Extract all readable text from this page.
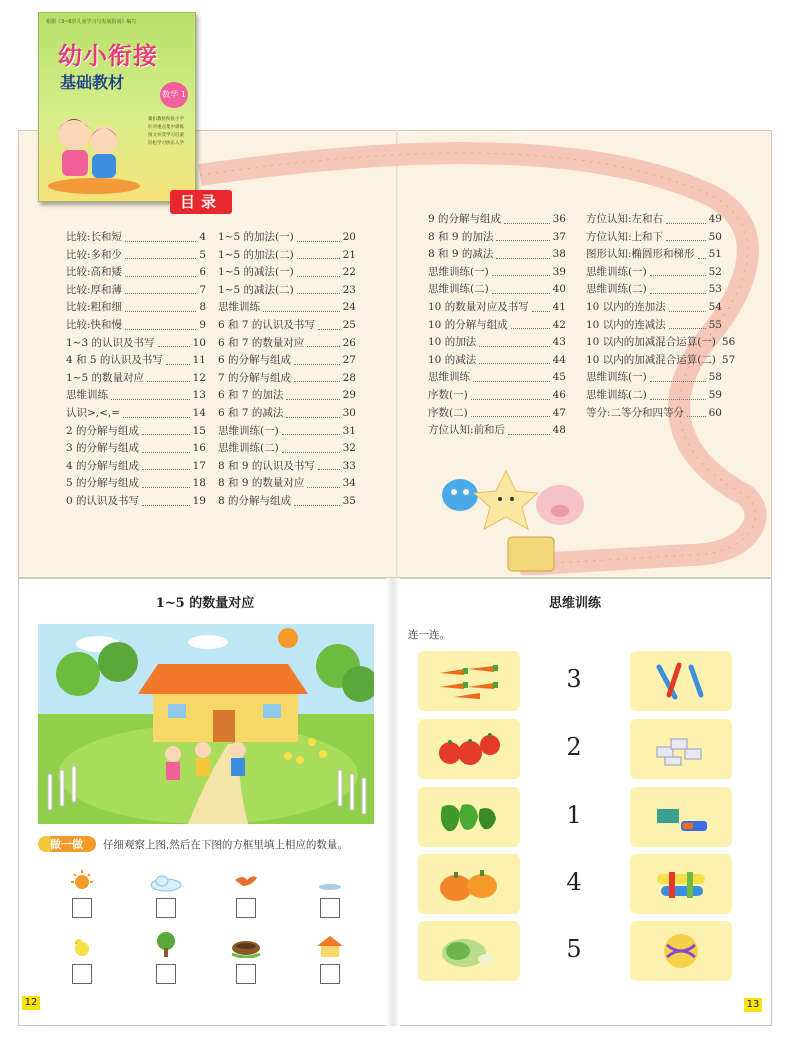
根据《3~6岁儿童学习与发展指南》编写
幼小衔接
基础教材
数学 1
紧扣教材衔接小学
针对重点集中训练
图文并茂学习启蒙
轻松学习快乐入学
目录
比较:长和短	4
比较:多和少	5
比较:高和矮	6
比较:厚和薄	7
比较:粗和细	8
比较:快和慢	9
1~3 的认识及书写	10
4 和 5 的认识及书写	11
1~5 的数量对应	12
思维训练	13
认识>,<,=	14
2 的分解与组成	15
3 的分解与组成	16
4 的分解与组成	17
5 的分解与组成	18
0 的认识及书写	19
1~5 的加法(一)	20
1~5 的加法(二)	21
1~5 的减法(一)	22
1~5 的减法(二)	23
思维训练	24
6 和 7 的认识及书写	25
6 和 7 的数量对应	26
6 的分解与组成	27
7 的分解与组成	28
6 和 7 的加法	29
6 和 7 的减法	30
思维训练(一)	31
思维训练(二)	32
8 和 9 的认识及书写	33
8 和 9 的数量对应	34
8 的分解与组成	35
9 的分解与组成	36
8 和 9 的加法	37
8 和 9 的减法	38
思维训练(一)	39
思维训练(二)	40
10 的数量对应及书写 41
10 的分解与组成	42
10 的加法	43
10 的减法	44
思维训练	45
序数(一)	46
序数(二)	47
方位认知:前和后	48
方位认知:左和右	49
方位认知:上和下	50
图形认知:椭圆形和梯形 51
思维训练(一)	52
思维训练(二)	53
10 以内的连加法	54
10 以内的连减法	55
10 以内的加减混合运算(一) 56
10 以内的加减混合运算(二) 57
思维训练(一)	58
思维训练(二)	59
等分:二等分和四等分 60
1~5 的数量对应
做一做 仔细观察上图,然后在下图的方框里填上相应的数量。
12
思维训练
连一连。
3
2
1
4
5
13
